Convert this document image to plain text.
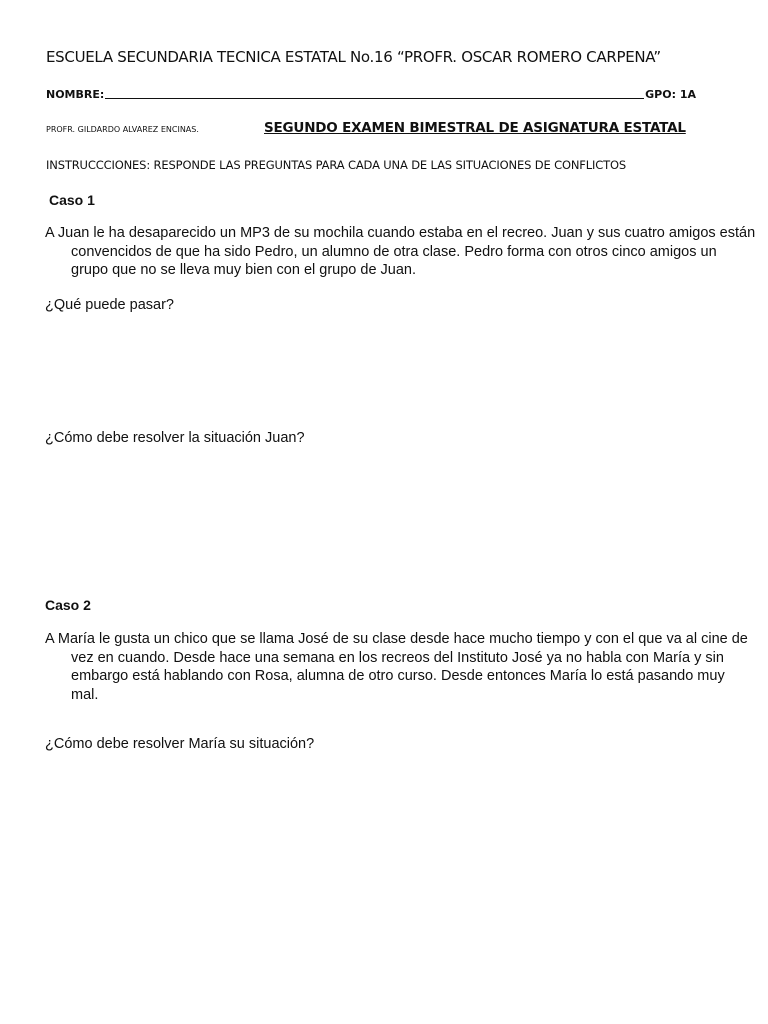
ESCUELA SECUNDARIA TECNICA ESTATAL No.16 “PROFR. OSCAR ROMERO CARPENA”
NOMBRE:	GPO: 1A
PROFR. GILDARDO ALVAREZ ENCINAS.	SEGUNDO EXAMEN BIMESTRAL DE ASIGNATURA ESTATAL
INSTRUCCCIONES: RESPONDE LAS PREGUNTAS PARA CADA UNA DE LAS SITUACIONES DE CONFLICTOS
Caso 1
A Juan le ha desaparecido un MP3 de su mochila cuando estaba en el recreo. Juan y sus cuatro amigos están convencidos de que ha sido Pedro, un alumno de otra clase. Pedro forma con otros cinco amigos un grupo que no se lleva muy bien con el grupo de Juan.
¿Qué puede pasar?
¿Cómo debe resolver la situación Juan?
Caso 2
A María le gusta un chico que se llama José de su clase desde hace mucho tiempo y con el que va al cine de vez en cuando. Desde hace una semana en los recreos del Instituto José ya no habla con María y sin embargo está hablando con Rosa, alumna de otro curso. Desde entonces María lo está pasando muy mal.
¿Cómo debe resolver María su situación?
